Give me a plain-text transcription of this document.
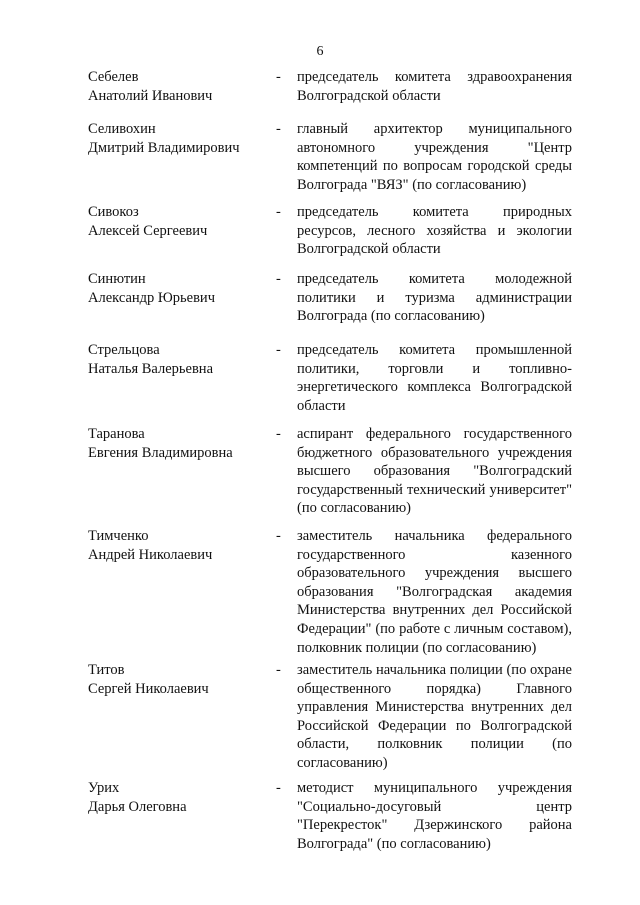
6
Себелев
Анатолий Иванович
- председатель комитета здравоохранения Волгоградской области
Селивохин
Дмитрий Владимирович
- главный архитектор муниципального автономного учреждения "Центр компетенций по вопросам городской среды Волгограда "ВЯЗ" (по согласованию)
Сивокоз
Алексей Сергеевич
- председатель комитета природных ресурсов, лесного хозяйства и экологии Волгоградской области
Синютин
Александр Юрьевич
- председатель комитета молодежной политики и туризма администрации Волгограда (по согласованию)
Стрельцова
Наталья Валерьевна
- председатель комитета промышленной политики, торговли и топливно-энергетического комплекса Волгоградской области
Таранова
Евгения Владимировна
- аспирант федерального государственного бюджетного образовательного учреждения высшего образования "Волгоградский государственный технический университет" (по согласованию)
Тимченко
Андрей Николаевич
- заместитель начальника федерального государственного казенного образовательного учреждения высшего образования "Волгоградская академия Министерства внутренних дел Российской Федерации" (по работе с личным составом), полковник полиции (по согласованию)
Титов
Сергей Николаевич
- заместитель начальника полиции (по охране общественного порядка) Главного управления Министерства внутренних дел Российской Федерации по Волгоградской области, полковник полиции (по согласованию)
Урих
Дарья Олеговна
- методист муниципального учреждения "Социально-досуговый центр "Перекресток" Дзержинского района Волгограда" (по согласованию)
